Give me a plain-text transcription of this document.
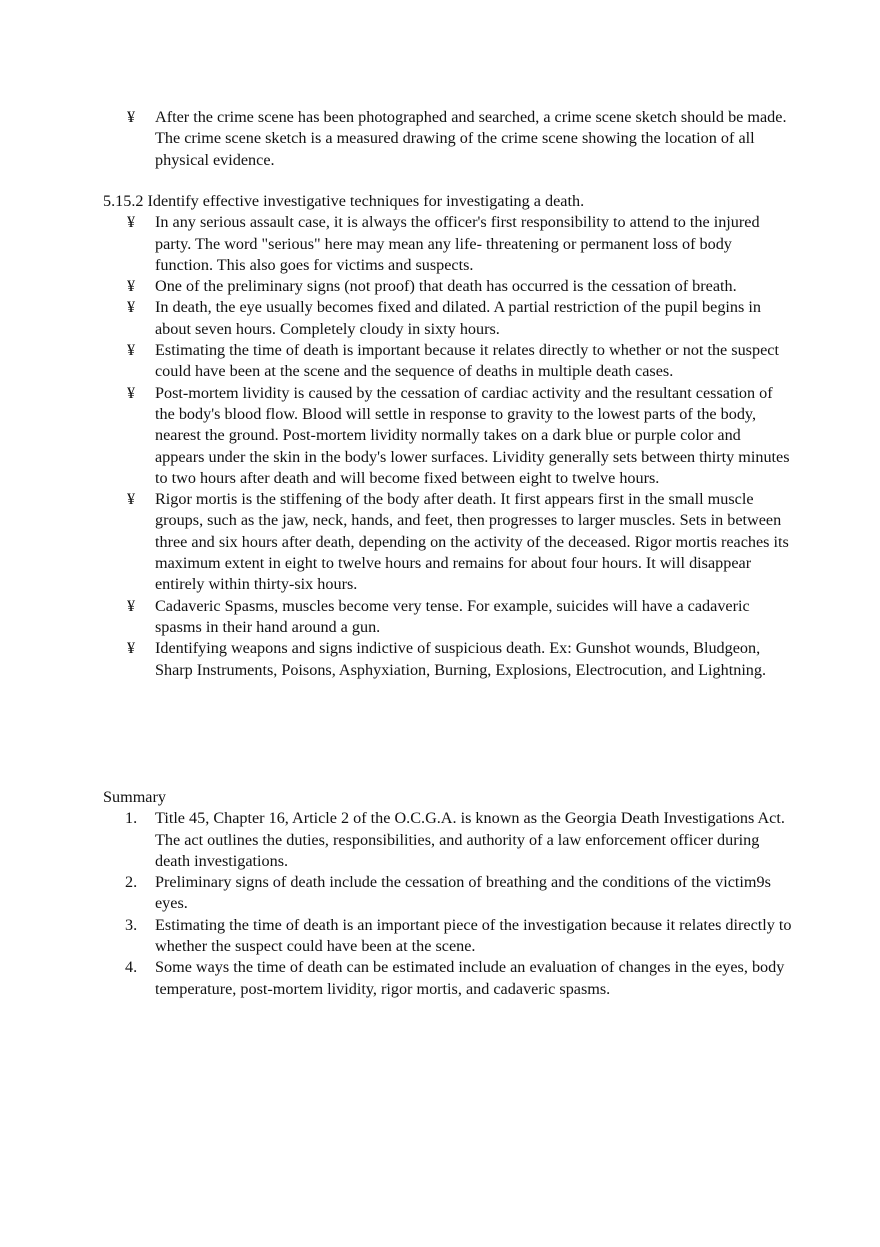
¥	After the crime scene has been photographed and searched, a crime scene sketch should be made. The crime scene sketch is a measured drawing of the crime scene showing the location of all physical evidence.

5.15.2 Identify effective investigative techniques for investigating a death.

¥	In any serious assault case, it is always the officer's first responsibility to attend to the injured party. The word "serious" here may mean any life- threatening or permanent loss of body function. This also goes for victims and suspects.
¥	One of the preliminary signs (not proof) that death has occurred is the cessation of breath.
¥	In death, the eye usually becomes fixed and dilated. A partial restriction of the pupil begins in about seven hours. Completely cloudy in sixty hours.
¥	Estimating the time of death is important because it relates directly to whether or not the suspect could have been at the scene and the sequence of deaths in multiple death cases.
¥	Post-mortem lividity is caused by the cessation of cardiac activity and the resultant cessation of the body's blood flow. Blood will settle in response to gravity to the lowest parts of the body, nearest the ground. Post-mortem lividity normally takes on a dark blue or purple color and appears under the skin in the body's lower surfaces. Lividity generally sets between thirty minutes to two hours after death and will become fixed between eight to twelve hours.
¥	Rigor mortis is the stiffening of the body after death. It first appears first in the small muscle groups, such as the jaw, neck, hands, and feet, then progresses to larger muscles. Sets in between three and six hours after death, depending on the activity of the deceased. Rigor mortis reaches its maximum extent in eight to twelve hours and remains for about four hours. It will disappear entirely within thirty-six hours.
¥	Cadaveric Spasms, muscles become very tense. For example, suicides will have a cadaveric spasms in their hand around a gun.
¥	Identifying weapons and signs indictive of suspicious death. Ex: Gunshot wounds, Bludgeon, Sharp Instruments, Poisons, Asphyxiation, Burning, Explosions, Electrocution, and Lightning.

Summary

1.	Title 45, Chapter 16, Article 2 of the O.C.G.A. is known as the Georgia Death Investigations Act. The act outlines the duties, responsibilities, and authority of a law enforcement officer during death investigations.
2.	Preliminary signs of death include the cessation of breathing and the conditions of the victim9s eyes.
3.	Estimating the time of death is an important piece of the investigation because it relates directly to whether the suspect could have been at the scene.
4.	Some ways the time of death can be estimated include an evaluation of changes in the eyes, body temperature, post-mortem lividity, rigor mortis, and cadaveric spasms.
